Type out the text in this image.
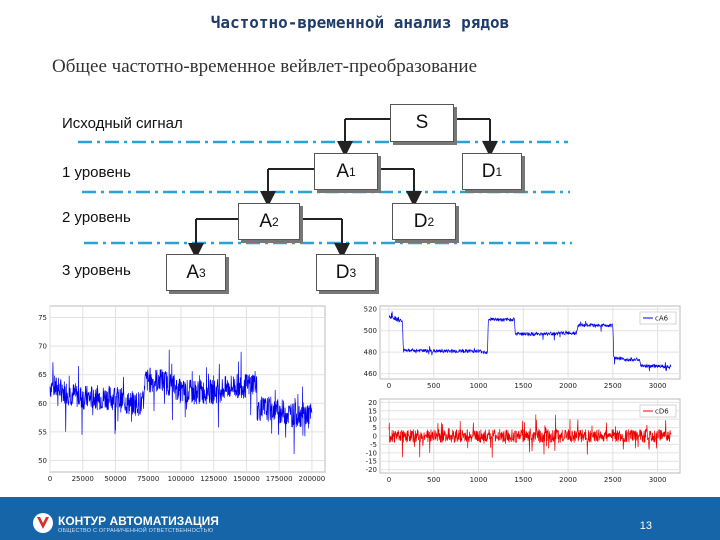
Частотно-временной анализ рядов
Общее частотно-временное вейвлет-преобразование
Исходный сигнал
1 уровень
2 уровень
3 уровень
S
A 1	D 1
A 2	D 2
A 3	D 3
0	25000 50000 75000 100000 125000 150000 175000 200000
50
55
60
65
70
75
0	500	1000	1500	2000	2500	3000
460
480
500
520
cA6
0	500	1000	1500	2000	2500	3000
-20
-15
-10
-5
0
5
10
15
20
cD6
КОНТУР АВТОМАТИЗАЦИЯ
ОБЩЕСТВО С ОГРАНИЧЕННОЙ ОТВЕТСТВЕННОСТЬЮ	13
